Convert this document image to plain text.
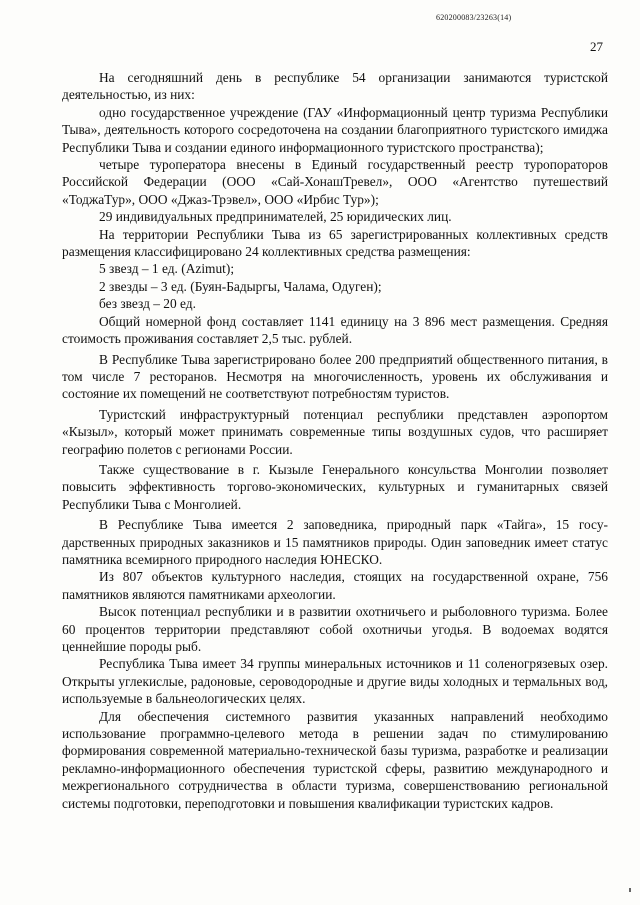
620200083/23263(14)
27

На сегодняшний день в республике 54 организации занимаются туристской деятельностью, из них:

одно государственное учреждение (ГАУ «Информационный центр туризма Республики Тыва», деятельность которого сосредоточена на создании благоприятного туристского имиджа Республики Тыва и создании единого информационного туристского пространства);

четыре туроператора внесены в Единый государственный реестр туропораторов Российской Федерации (ООО «Сай-ХонашТревел», ООО «Агентство путешествий «ТоджаТур», ООО «Джаз-Трэвел», ООО «Ирбис Тур»);

29 индивидуальных предпринимателей, 25 юридических лиц.

На территории Республики Тыва из 65 зарегистрированных коллективных средств размещения классифицировано 24 коллективных средства размещения:

5 звезд – 1 ед. (Azimut);

2 звезды – 3 ед. (Буян-Бадыргы, Чалама, Одуген);

без звезд – 20 ед.

Общий номерной фонд составляет 1141 единицу на 3 896 мест размещения. Средняя стоимость проживания составляет 2,5 тыс. рублей.

В Республике Тыва зарегистрировано более 200 предприятий общественного питания, в том числе 7 ресторанов. Несмотря на многочисленность, уровень их обслуживания и состояние их помещений не соответствуют потребностям туристов.

Туристский инфраструктурный потенциал республики представлен аэропортом «Кызыл», который может принимать современные типы воздушных судов, что расширяет географию полетов с регионами России.

Также существование в г. Кызыле Генерального консульства Монголии позволяет повысить эффективность торгово-экономических, культурных и гуманитарных связей Республики Тыва с Монголией.

В Республике Тыва имеется 2 заповедника, природный парк «Тайга», 15 государственных природных заказников и 15 памятников природы. Один заповедник имеет статус памятника всемирного природного наследия ЮНЕСКО.

Из 807 объектов культурного наследия, стоящих на государственной охране, 756 памятников являются памятниками археологии.

Высок потенциал республики и в развитии охотничьего и рыболовного туризма. Более 60 процентов территории представляют собой охотничьи угодья. В водоемах водятся ценнейшие породы рыб.

Республика Тыва имеет 34 группы минеральных источников и 11 соленогрязевых озер. Открыты углекислые, радоновые, сероводородные и другие виды холодных и термальных вод, используемые в бальнеологических целях.

Для обеспечения системного развития указанных направлений необходимо использование программно-целевого метода в решении задач по стимулированию формирования современной материально-технической базы туризма, разработке и реализации рекламно-информационного обеспечения туристской сферы, развитию международного и межрегионального сотрудничества в области туризма, совершенствованию региональной системы подготовки, переподготовки и повышения квалификации туристских кадров.
